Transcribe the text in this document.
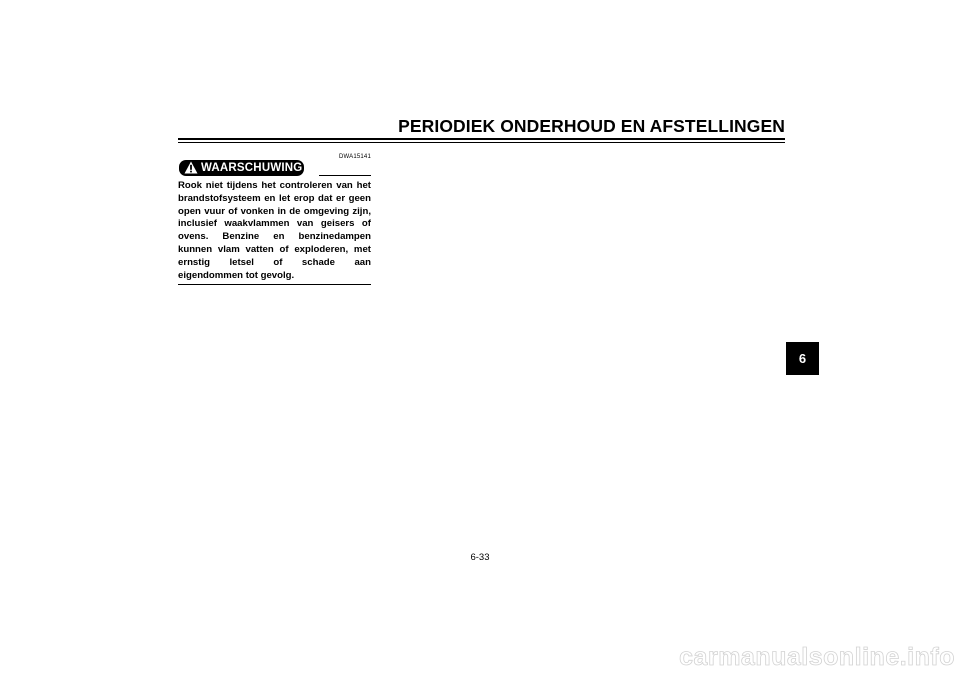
PERIODIEK ONDERHOUD EN AFSTELLINGEN
DWA15141
WAARSCHUWING
Rook niet tijdens het controleren van het brandstofsysteem en let erop dat er geen open vuur of vonken in de omgeving zijn, inclusief waakvlammen van geisers of ovens. Benzine en benzinedampen kunnen vlam vatten of exploderen, met ernstig letsel of schade aan eigendommen tot gevolg.
6
6-33
carmanualsonline.info
